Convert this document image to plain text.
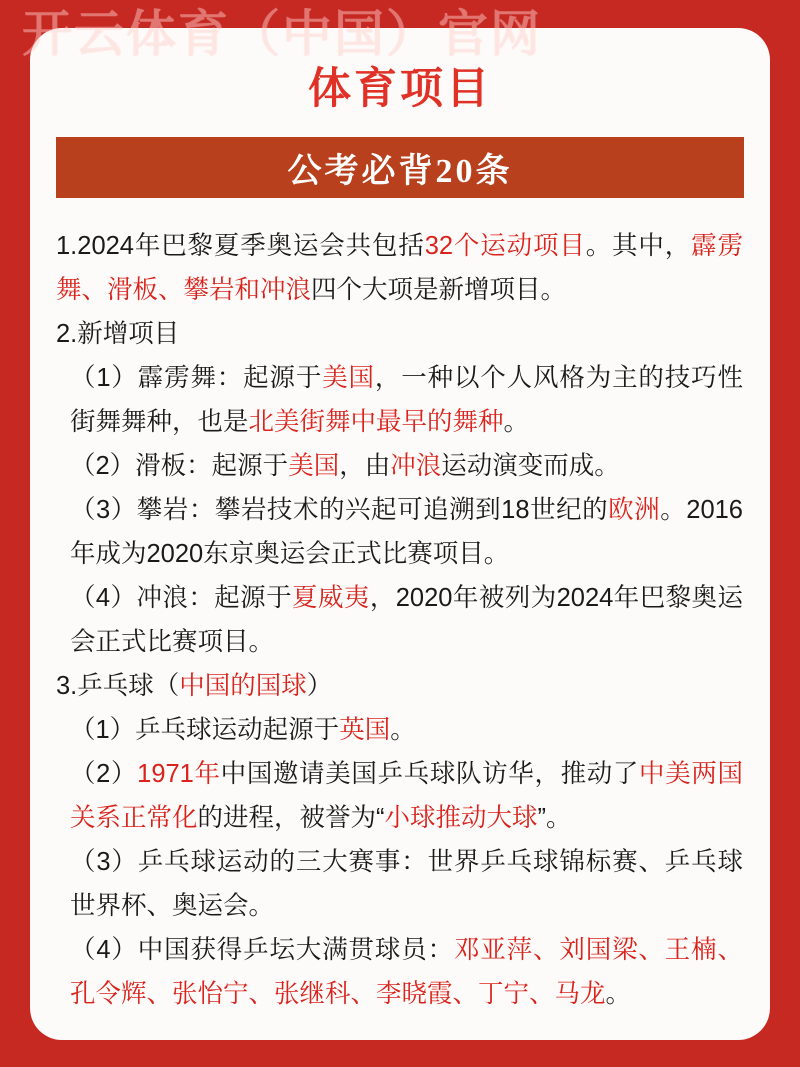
开云体育（中国）官网
体育项目
公考必背20条

1.2024年巴黎夏季奥运会共包括32个运动项目。其中，霹雳舞、滑板、攀岩和冲浪四个大项是新增项目。

2.新增项目

（1）霹雳舞：起源于美国，一种以个人风格为主的技巧性街舞舞种，也是北美街舞中最早的舞种。

（2）滑板：起源于美国，由冲浪运动演变而成。

（3）攀岩：攀岩技术的兴起可追溯到18世纪的欧洲。2016年成为2020东京奥运会正式比赛项目。

（4）冲浪：起源于夏威夷，2020年被列为2024年巴黎奥运会正式比赛项目。

3.乒乓球（中国的国球）

（1）乒乓球运动起源于英国。

（2）1971年中国邀请美国乒乓球队访华，推动了中美两国关系正常化的进程，被誉为“小球推动大球”。

（3）乒乓球运动的三大赛事：世界乒乓球锦标赛、乒乓球世界杯、奥运会。

（4）中国获得乒坛大满贯球员：邓亚萍、刘国梁、王楠、孔令辉、张怡宁、张继科、李晓霞、丁宁、马龙。
